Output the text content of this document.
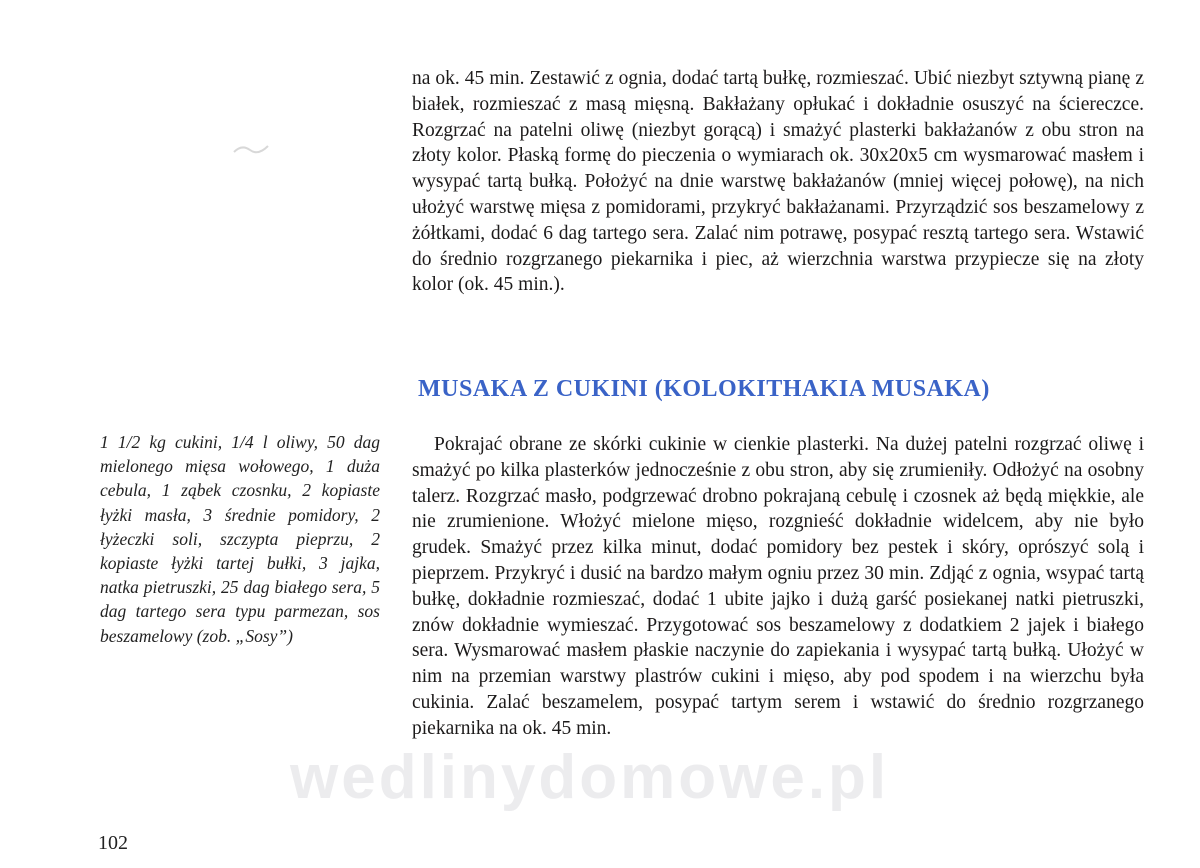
na ok. 45 min. Zestawić z ognia, dodać tartą bułkę, rozmieszać. Ubić niezbyt sztywną pianę z białek, rozmieszać z masą mięsną. Bakłażany opłukać i dokładnie osuszyć na ściereczce. Rozgrzać na patelni oliwę (niezbyt gorącą) i smażyć plasterki bakłażanów z obu stron na złoty kolor. Płaską formę do pieczenia o wymiarach ok. 30x20x5 cm wysmarować masłem i wysypać tartą bułką. Położyć na dnie warstwę bakłażanów (mniej więcej połowę), na nich ułożyć warstwę mięsa z pomidorami, przykryć bakłażanami. Przyrządzić sos beszamelowy z żółtkami, dodać 6 dag tartego sera. Zalać nim potrawę, posypać resztą tartego sera. Wstawić do średnio rozgrzanego piekarnika i piec, aż wierzchnia warstwa przypiecze się na złoty kolor (ok. 45 min.).
MUSAKA Z CUKINI (KOLOKITHAKIA MUSAKA)
1 1/2 kg cukini, 1/4 l oliwy, 50 dag mielonego mięsa wołowego, 1 duża cebula, 1 ząbek czosnku, 2 kopiaste łyżki masła, 3 średnie pomidory, 2 łyżeczki soli, szczypta pieprzu, 2 kopiaste łyżki tartej bułki, 3 jajka, natka pietruszki, 25 dag białego sera, 5 dag tartego sera typu parmezan, sos beszamelowy (zob. „Sosy”)
Pokrajać obrane ze skórki cukinie w cienkie plasterki. Na dużej patelni rozgrzać oliwę i smażyć po kilka plasterków jednocześnie z obu stron, aby się zrumieniły. Odłożyć na osobny talerz. Rozgrzać masło, podgrzewać drobno pokrajaną cebulę i czosnek aż będą miękkie, ale nie zrumienione. Włożyć mielone mięso, rozgnieść dokładnie widelcem, aby nie było grudek. Smażyć przez kilka minut, dodać pomidory bez pestek i skóry, oprószyć solą i pieprzem. Przykryć i dusić na bardzo małym ogniu przez 30 min. Zdjąć z ognia, wsypać tartą bułkę, dokładnie rozmieszać, dodać 1 ubite jajko i dużą garść posiekanej natki pietruszki, znów dokładnie wymieszać. Przygotować sos beszamelowy z dodatkiem 2 jajek i białego sera. Wysmarować masłem płaskie naczynie do zapiekania i wysypać tartą bułką. Ułożyć w nim na przemian warstwy plastrów cukini i mięso, aby pod spodem i na wierzchu była cukinia. Zalać beszamelem, posypać tartym serem i wstawić do średnio rozgrzanego piekarnika na ok. 45 min.
wedlinydomowe.pl
102
